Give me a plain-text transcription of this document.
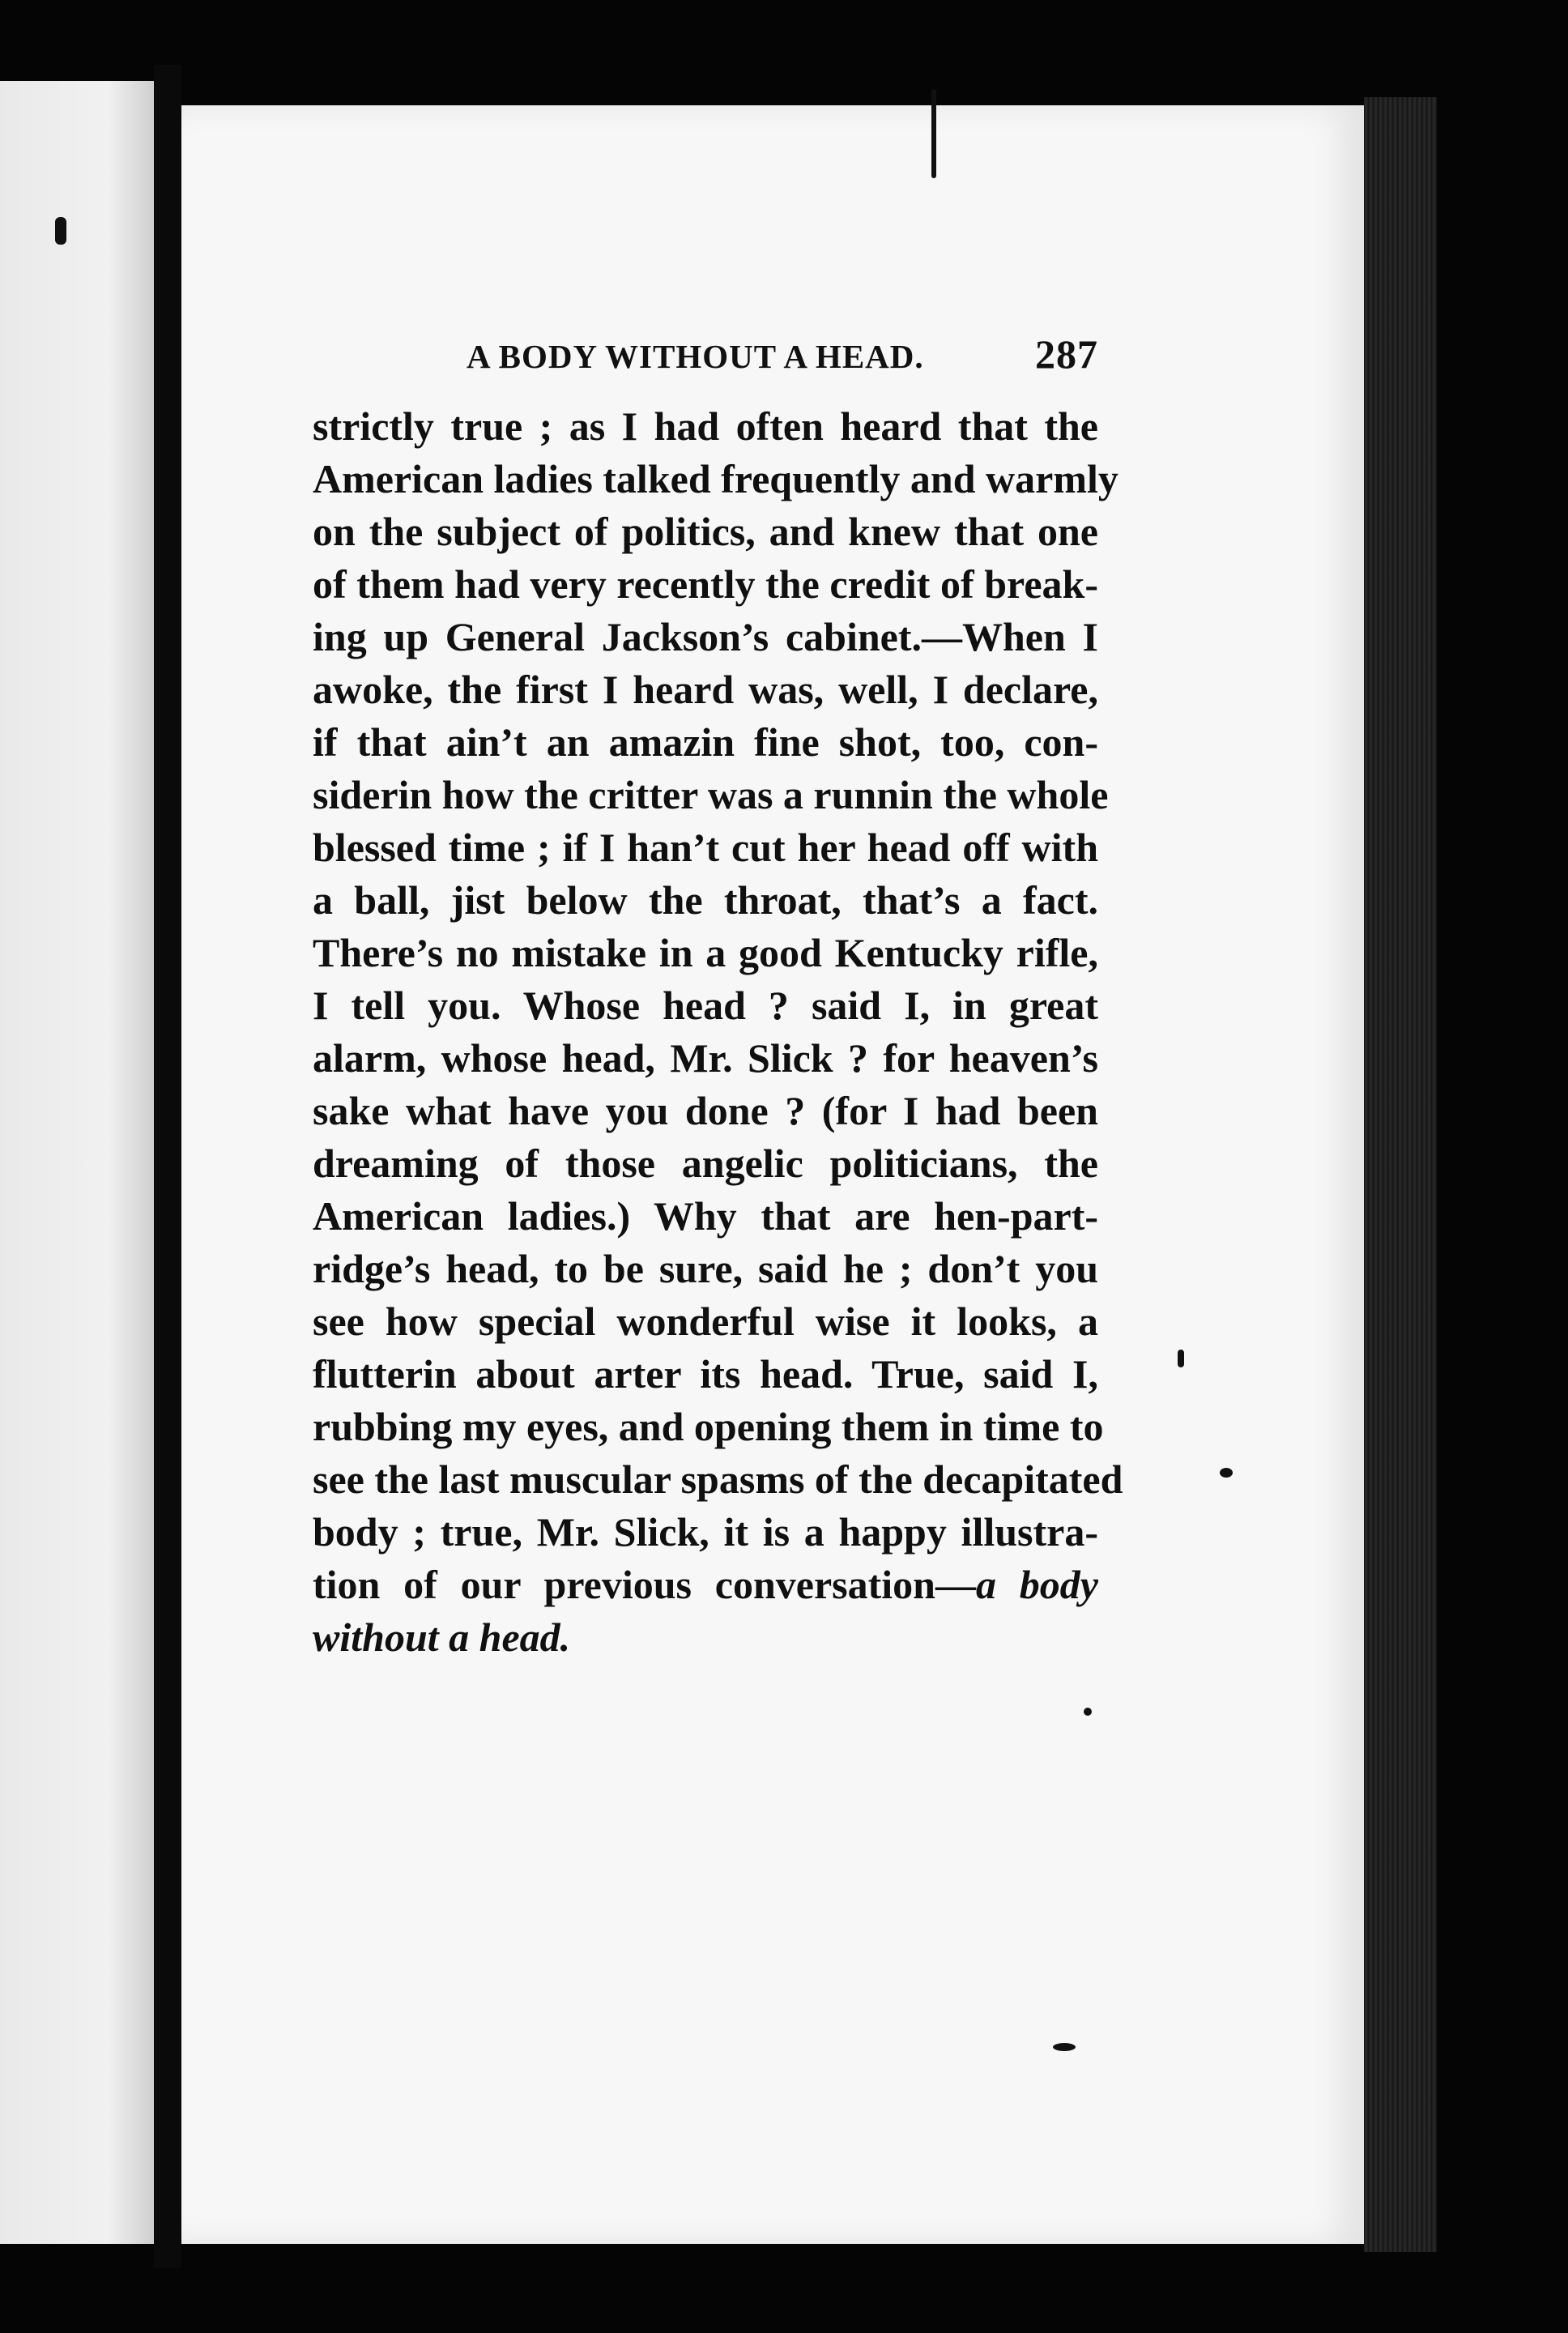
A BODY WITHOUT A HEAD.	287
strictly true ; as I had often heard that the
American ladies talked frequently and warmly
on the subject of politics, and knew that one
of them had very recently the credit of break-
ing up General Jackson’s cabinet.—When I
awoke, the first I heard was, well, I declare,
if that ain’t an amazin fine shot, too, con-
siderin how the critter was a runnin the whole
blessed time ; if I han’t cut her head off with
a ball, jist below the throat, that’s a fact.
There’s no mistake in a good Kentucky rifle,
I tell you. Whose head ? said I, in great
alarm, whose head, Mr. Slick ? for heaven’s
sake what have you done ? (for I had been
dreaming of those angelic politicians, the
American ladies.) Why that are hen-part-
ridge’s head, to be sure, said he ; don’t you
see how special wonderful wise it looks, a
flutterin about arter its head. True, said I,
rubbing my eyes, and opening them in time to
see the last muscular spasms of the decapitated
body ; true, Mr. Slick, it is a happy illustra-
tion of our previous conversation—a body
without a head.
